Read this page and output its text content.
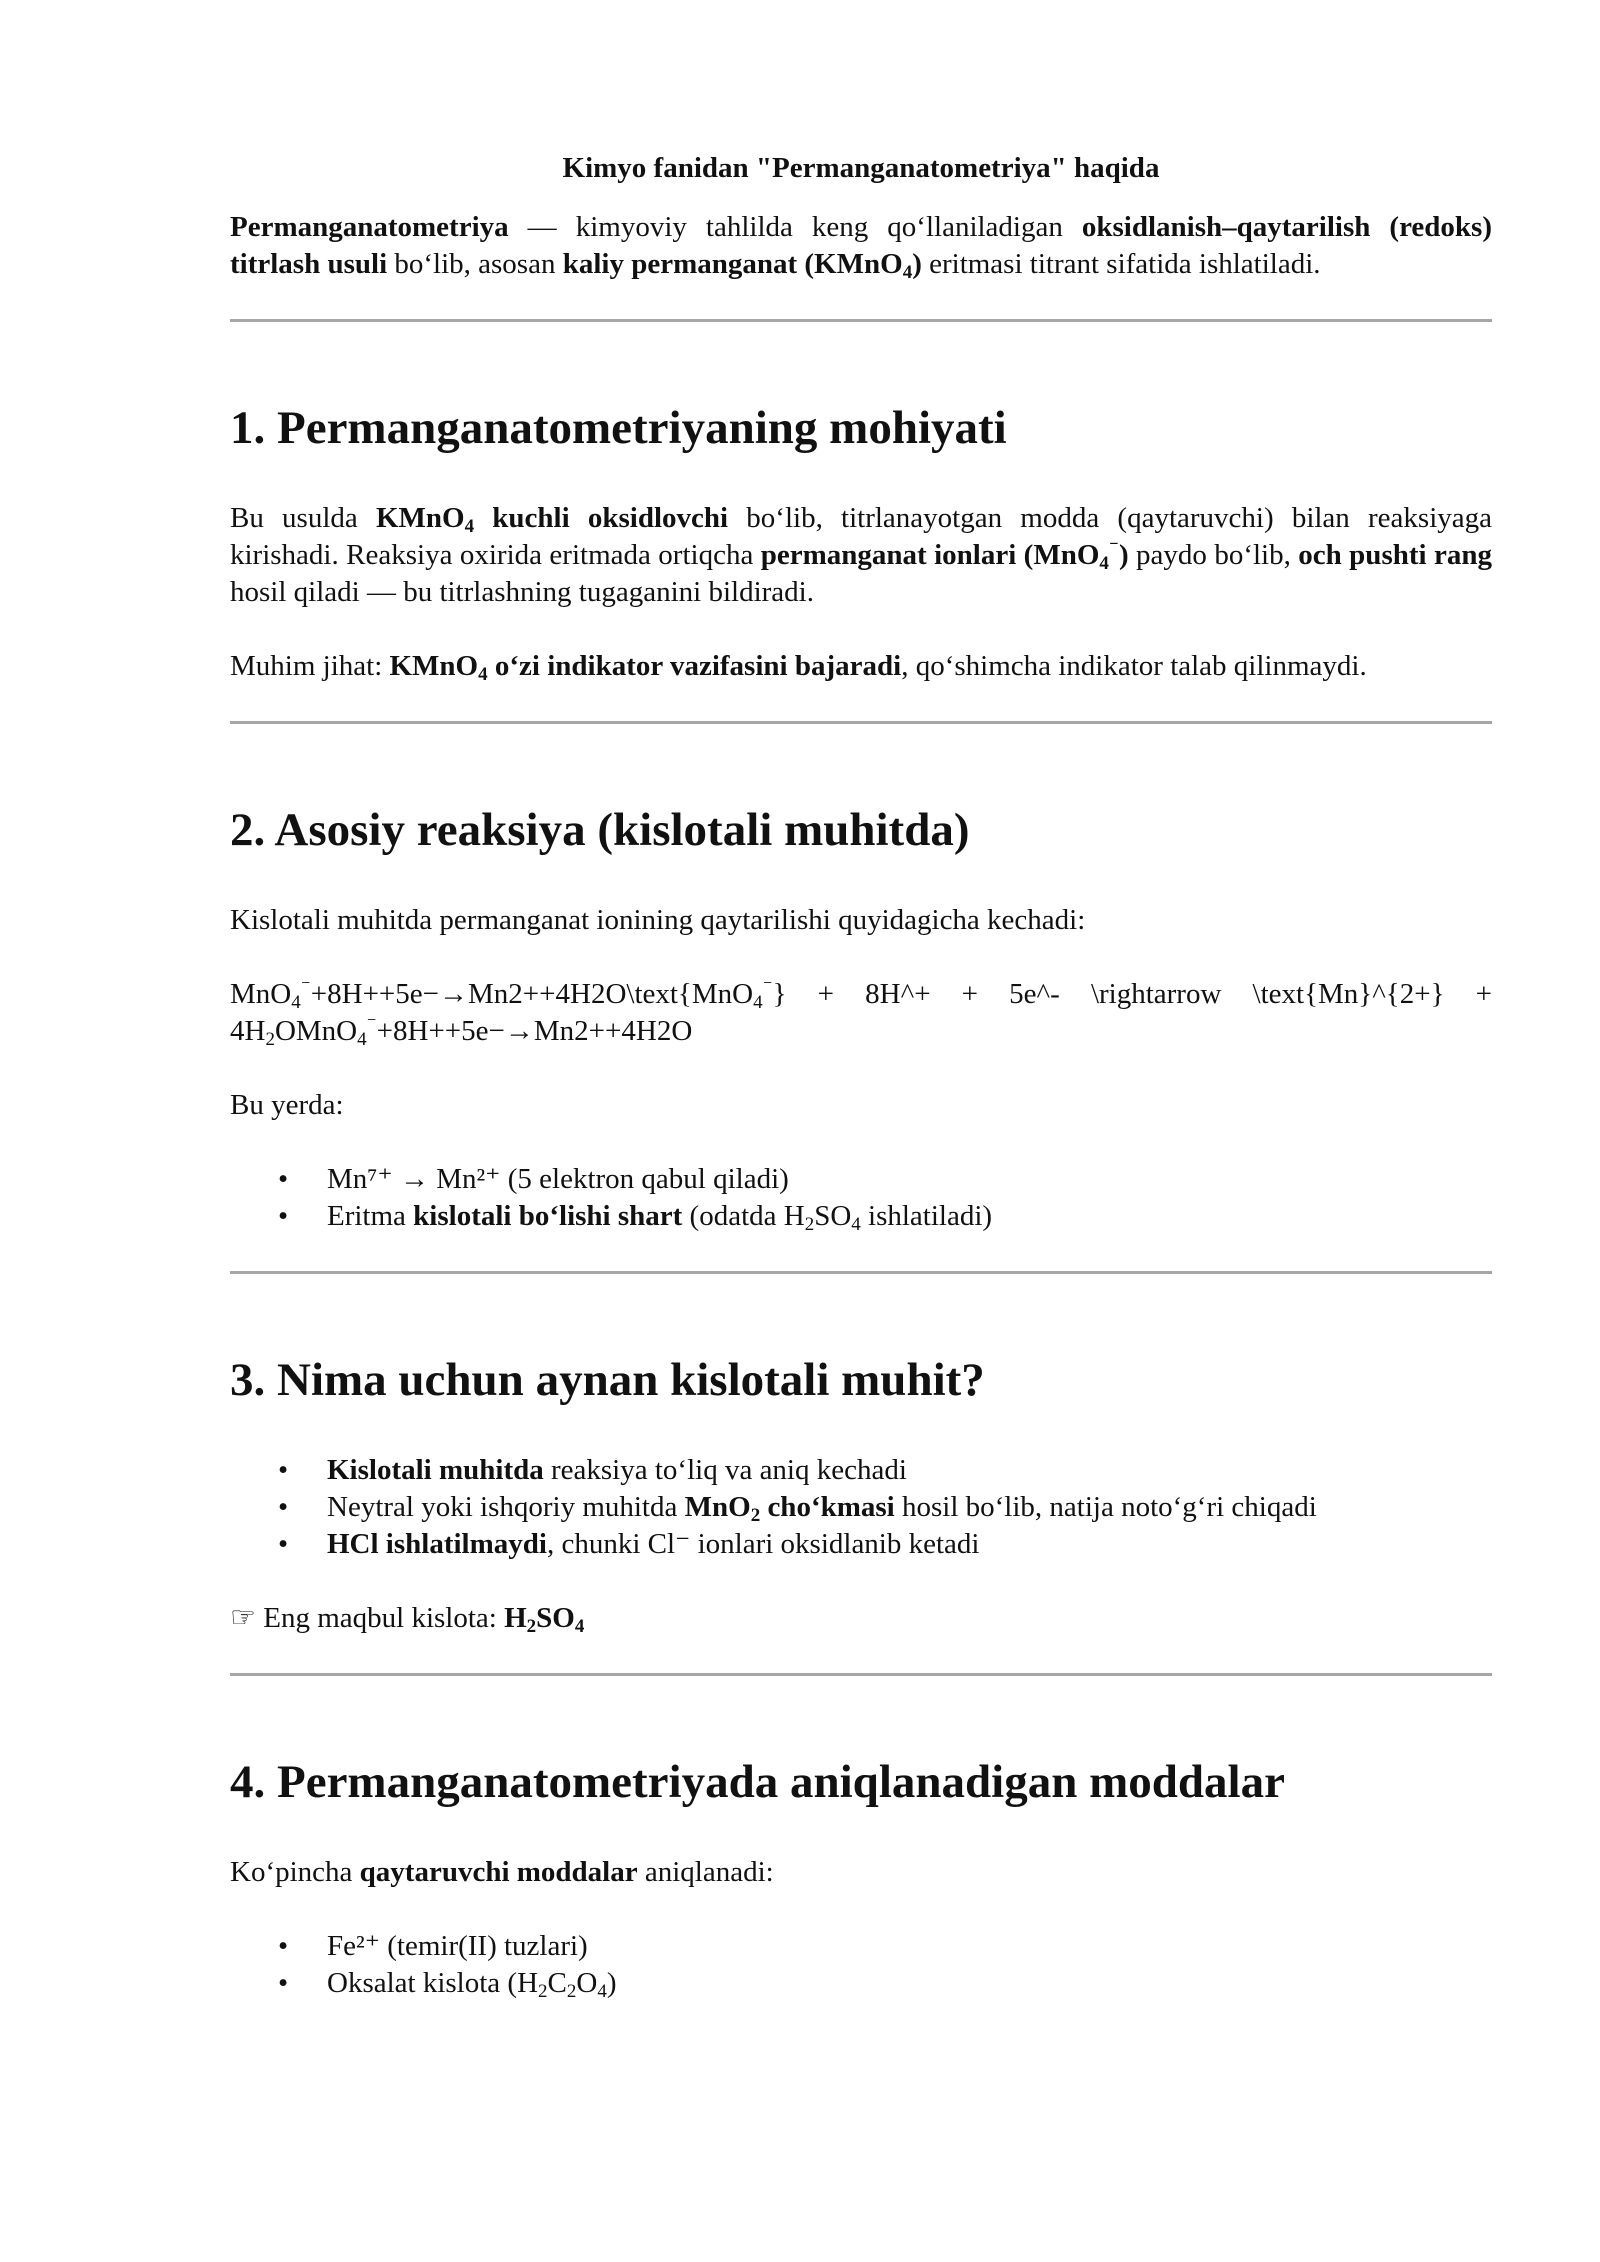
Kimyo fanidan "Permanganatometriya" haqida

Permanganatometriya — kimyoviy tahlilda keng qo‘llaniladigan oksidlanish–qaytarilish (redoks) titrlash usuli bo‘lib, asosan kaliy permanganat (KMnO$_4$) eritmasi titrant sifatida ishlatiladi.

1. Permanganatometriyaning mohiyati

Bu usulda KMnO$_4$ kuchli oksidlovchi bo‘lib, titrlanayotgan modda (qaytaruvchi) bilan reaksiyaga kirishadi. Reaksiya oxirida eritmada ortiqcha permanganat ionlari (MnO$_4$⁻) paydo bo‘lib, och pushti rang hosil qiladi — bu titrlashning tugaganini bildiradi.

Muhim jihat: KMnO$_4$ o‘zi indikator vazifasini bajaradi, qo‘shimcha indikator talab qilinmaydi.

2. Asosiy reaksiya (kislotali muhitda)

Kislotali muhitda permanganat ionining qaytarilishi quyidagicha kechadi:

MnO$_4$⁻+8H++5e−→Mn2++4H2O\text{MnO$_4$⁻} + 8H^+ + 5e^- \rightarrow \text{Mn}^{2+} + $4H_2OMnO_4^{^-}+8H++5e-\to Mn2++4H2O$

Bu yerda:

• Mn⁷⁺ → Mn²⁺ (5 elektron qabul qiladi)
• Eritma kislotali bo‘lishi shart (odatda $H_2SO_4$ ishlatiladi)
3. Nima uchun aynan kislotali muhit?
• Kislotali muhitda reaksiya to‘liq va aniq kechadi
• Neytral yoki ishqoriy muhitda MnO$_2$ cho‘kmasi hosil bo‘lib, natija noto‘g‘ri chiqadi
• HCl ishlatilmaydi, chunki Cl⁻ ionlari oksidlanib ketadi

☞ Eng maqbul kislota: $H_2SO_4$

4. Permanganatometriyada aniqlanadigan moddalar

Ko‘pincha qaytaruvchi moddalar aniqlanadi:

• Fe²⁺ (temir(II) tuzlari)
• Oksalat kislota $(H_2C_2O_4)$
